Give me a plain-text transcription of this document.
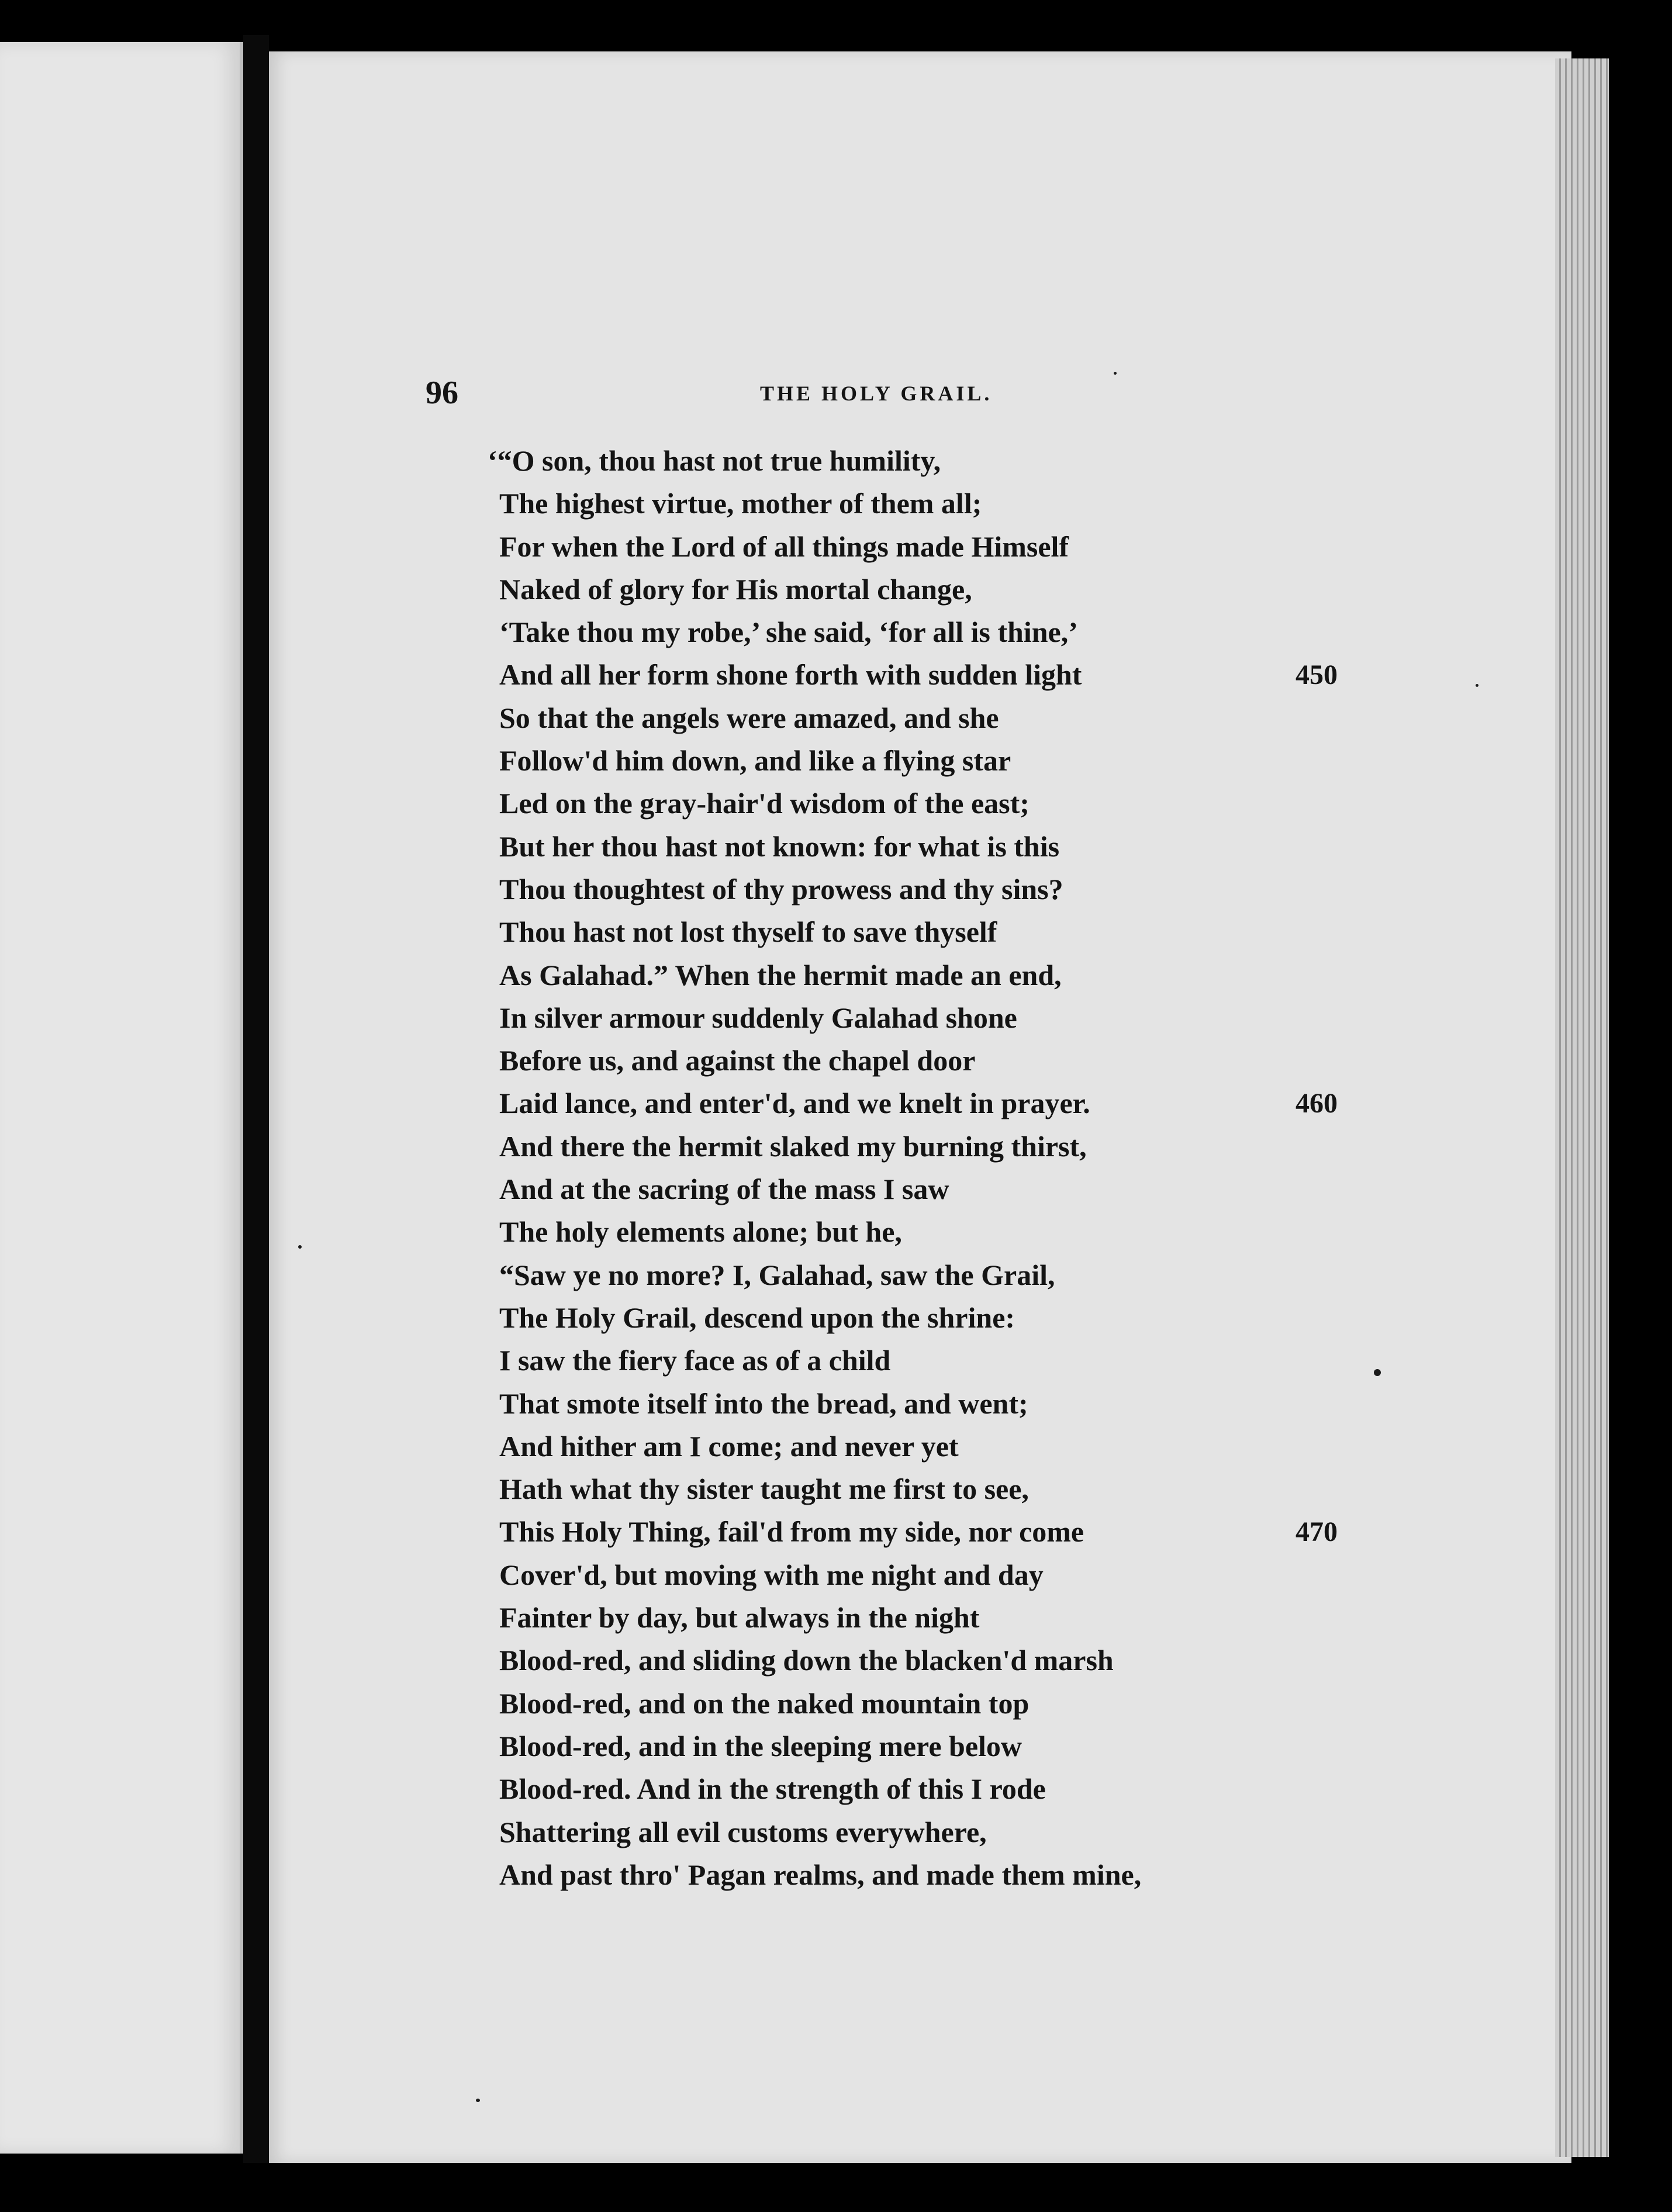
96	THE HOLY GRAIL.
‘“O son, thou hast not true humility,
The highest virtue, mother of them all;
For when the Lord of all things made Himself
Naked of glory for His mortal change,
‘Take thou my robe,’ she said, ‘for all is thine,’
And all her form shone forth with sudden light	450
So that the angels were amazed, and she
Follow'd him down, and like a flying star
Led on the gray-hair'd wisdom of the east;
But her thou hast not known: for what is this
Thou thoughtest of thy prowess and thy sins?
Thou hast not lost thyself to save thyself
As Galahad.” When the hermit made an end,
In silver armour suddenly Galahad shone
Before us, and against the chapel door
Laid lance, and enter'd, and we knelt in prayer.	460
And there the hermit slaked my burning thirst,
And at the sacring of the mass I saw
The holy elements alone; but he,
“Saw ye no more? I, Galahad, saw the Grail,
The Holy Grail, descend upon the shrine:
I saw the fiery face as of a child
That smote itself into the bread, and went;
And hither am I come; and never yet
Hath what thy sister taught me first to see,
This Holy Thing, fail'd from my side, nor come	470
Cover'd, but moving with me night and day
Fainter by day, but always in the night
Blood-red, and sliding down the blacken'd marsh
Blood-red, and on the naked mountain top
Blood-red, and in the sleeping mere below
Blood-red. And in the strength of this I rode
Shattering all evil customs everywhere,
And past thro' Pagan realms, and made them mine,
